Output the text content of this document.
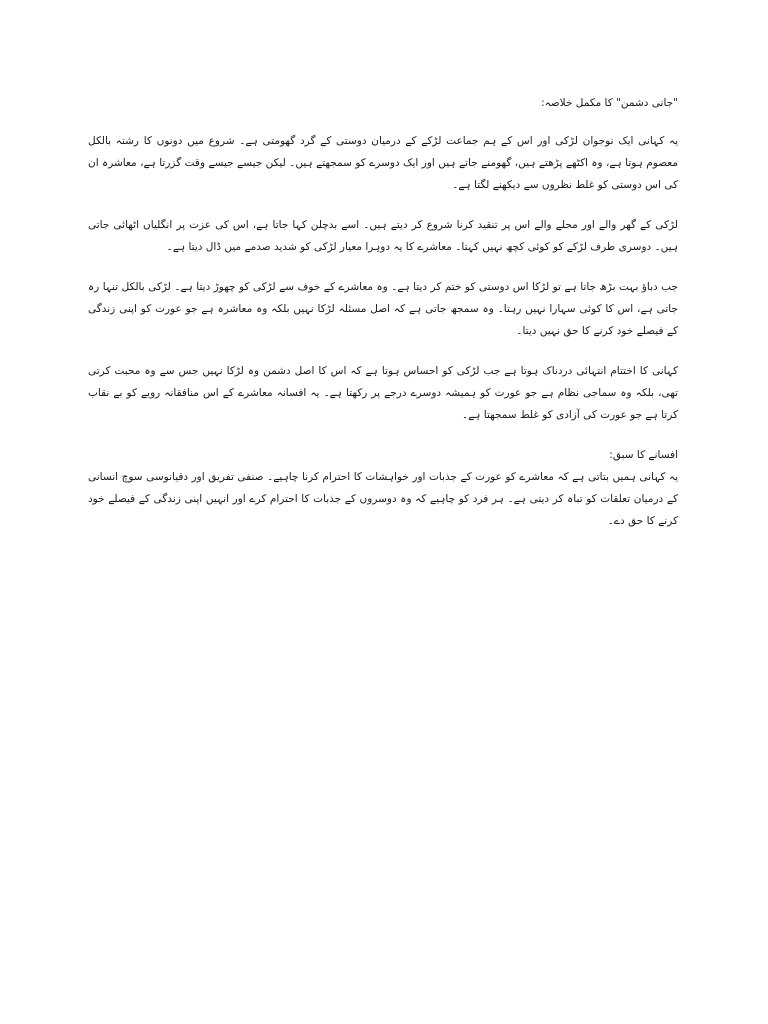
"جانی دشمن" کا مکمل خلاصہ:

یہ کہانی ایک نوجوان لڑکی اور اس کے ہم جماعت لڑکے کے درمیان دوستی کے گرد گھومتی ہے۔ شروع میں دونوں کا رشتہ بالکل معصوم ہوتا ہے، وہ اکٹھے پڑھتے ہیں، گھومنے جاتے ہیں اور ایک دوسرے کو سمجھتے ہیں۔ لیکن جیسے جیسے وقت گزرتا ہے، معاشرہ ان کی اس دوستی کو غلط نظروں سے دیکھنے لگتا ہے۔

لڑکی کے گھر والے اور محلے والے اس پر تنقید کرنا شروع کر دیتے ہیں۔ اسے بدچلن کہا جاتا ہے، اس کی عزت پر انگلیاں اٹھائی جاتی ہیں۔ دوسری طرف لڑکے کو کوئی کچھ نہیں کہتا۔ معاشرے کا یہ دوہرا معیار لڑکی کو شدید صدمے میں ڈال دیتا ہے۔

جب دباؤ بہت بڑھ جاتا ہے تو لڑکا اس دوستی کو ختم کر دیتا ہے۔ وہ معاشرے کے خوف سے لڑکی کو چھوڑ دیتا ہے۔ لڑکی بالکل تنہا رہ جاتی ہے، اس کا کوئی سہارا نہیں رہتا۔ وہ سمجھ جاتی ہے کہ اصل مسئلہ لڑکا نہیں بلکہ وہ معاشرہ ہے جو عورت کو اپنی زندگی کے فیصلے خود کرنے کا حق نہیں دیتا۔

کہانی کا اختتام انتہائی دردناک ہوتا ہے جب لڑکی کو احساس ہوتا ہے کہ اس کا اصل دشمن وہ لڑکا نہیں جس سے وہ محبت کرتی تھی، بلکہ وہ سماجی نظام ہے جو عورت کو ہمیشہ دوسرے درجے پر رکھتا ہے۔ یہ افسانہ معاشرے کے اس منافقانہ رویے کو بے نقاب کرتا ہے جو عورت کی آزادی کو غلط سمجھتا ہے۔

افسانے کا سبق:

یہ کہانی ہمیں بتاتی ہے کہ معاشرے کو عورت کے جذبات اور خواہشات کا احترام کرنا چاہیے۔ صنفی تفریق اور دقیانوسی سوچ انسانی کے درمیان تعلقات کو تباہ کر دیتی ہے۔ ہر فرد کو چاہیے کہ وہ دوسروں کے جذبات کا احترام کرے اور انہیں اپنی زندگی کے فیصلے خود کرنے کا حق دے۔
